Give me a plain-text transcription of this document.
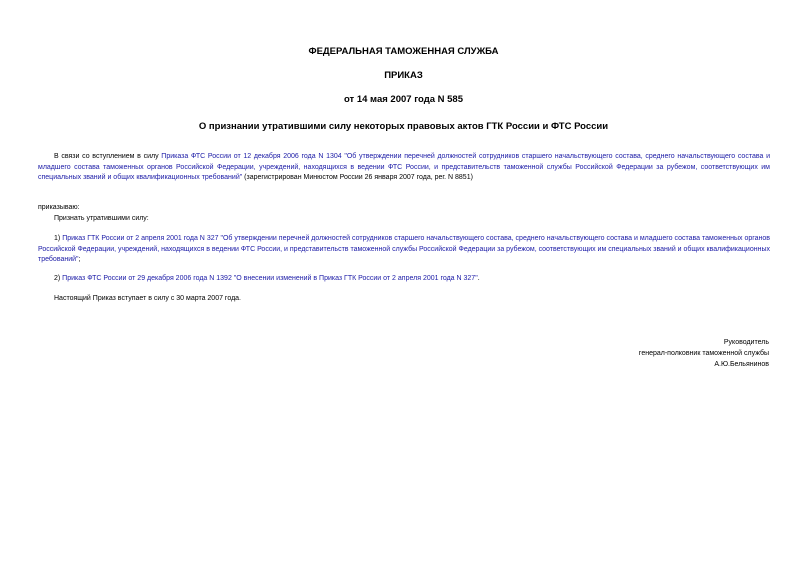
ФЕДЕРАЛЬНАЯ ТАМОЖЕННАЯ СЛУЖБА
ПРИКАЗ
от 14 мая 2007 года N 585
О признании утратившими силу некоторых правовых актов ГТК России и ФТС России
В связи со вступлением в силу Приказа ФТС России от 12 декабря 2006 года N 1304 "Об утверждении перечней должностей сотрудников старшего начальствующего состава, среднего начальствующего состава и младшего состава таможенных органов Российской Федерации, учреждений, находящихся в ведении ФТС России, и представительств таможенной службы Российской Федерации за рубежом, соответствующих им специальных званий и общих квалификационных требований" (зарегистрирован Минюстом России 26 января 2007 года, рег. N 8851)
приказываю:
Признать утратившими силу:
1) Приказ ГТК России от 2 апреля 2001 года N 327 "Об утверждении перечней должностей сотрудников старшего начальствующего состава, среднего начальствующего состава и младшего состава таможенных органов Российской Федерации, учреждений, находящихся в ведении ФТС России, и представительств таможенной службы Российской Федерации за рубежом, соответствующих им специальных званий и общих квалификационных требований";
2) Приказ ФТС России от 29 декабря 2006 года N 1392 "О внесении изменений в Приказ ГТК России от 2 апреля 2001 года N 327".
Настоящий Приказ вступает в силу с 30 марта 2007 года.
Руководитель
генерал-полковник таможенной службы
А.Ю.Бельянинов
